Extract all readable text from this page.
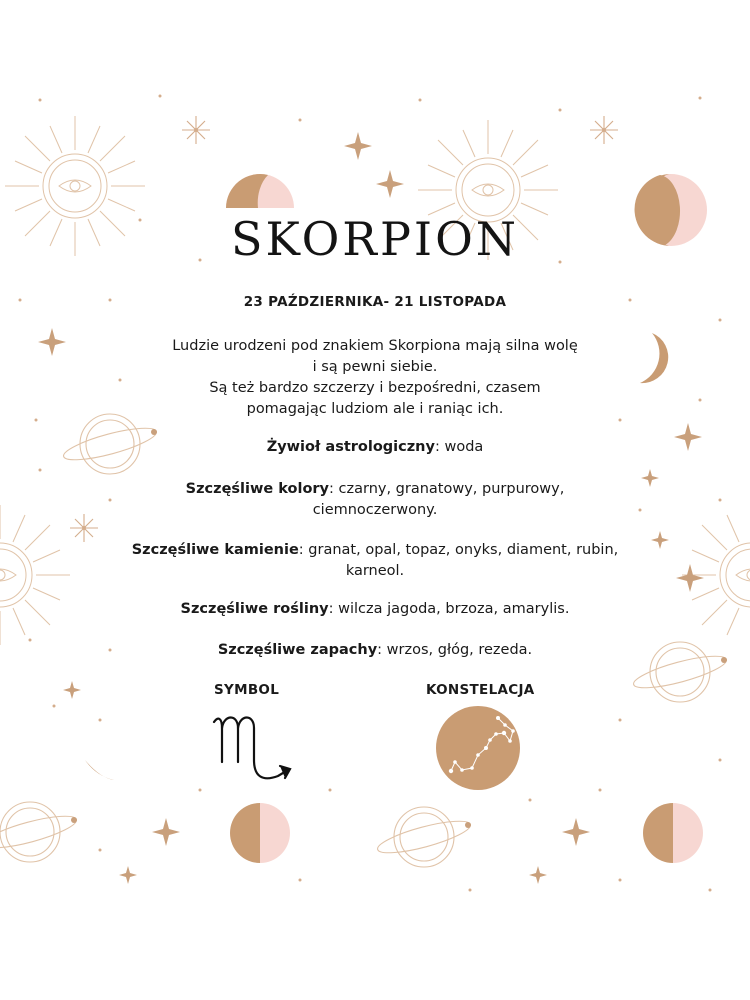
SKORPION
23 PAŹDZIERNIKA- 21 LISTOPADA

Ludzie urodzeni pod znakiem Skorpiona mają silna wolę
i są pewni siebie.
Są też bardzo szczerzy i bezpośredni, czasem
pomagając ludziom ale i raniąc ich.

Żywioł astrologiczny: woda

Szczęśliwe kolory: czarny, granatowy, purpurowy,
ciemnoczerwony.

Szczęśliwe kamienie: granat, opal, topaz, onyks, diament, rubin,
karneol.

Szczęśliwe rośliny: wilcza jagoda, brzoza, amarylis.

Szczęśliwe zapachy: wrzos, głóg, rezeda.

SYMBOL	KONSTELACJA
